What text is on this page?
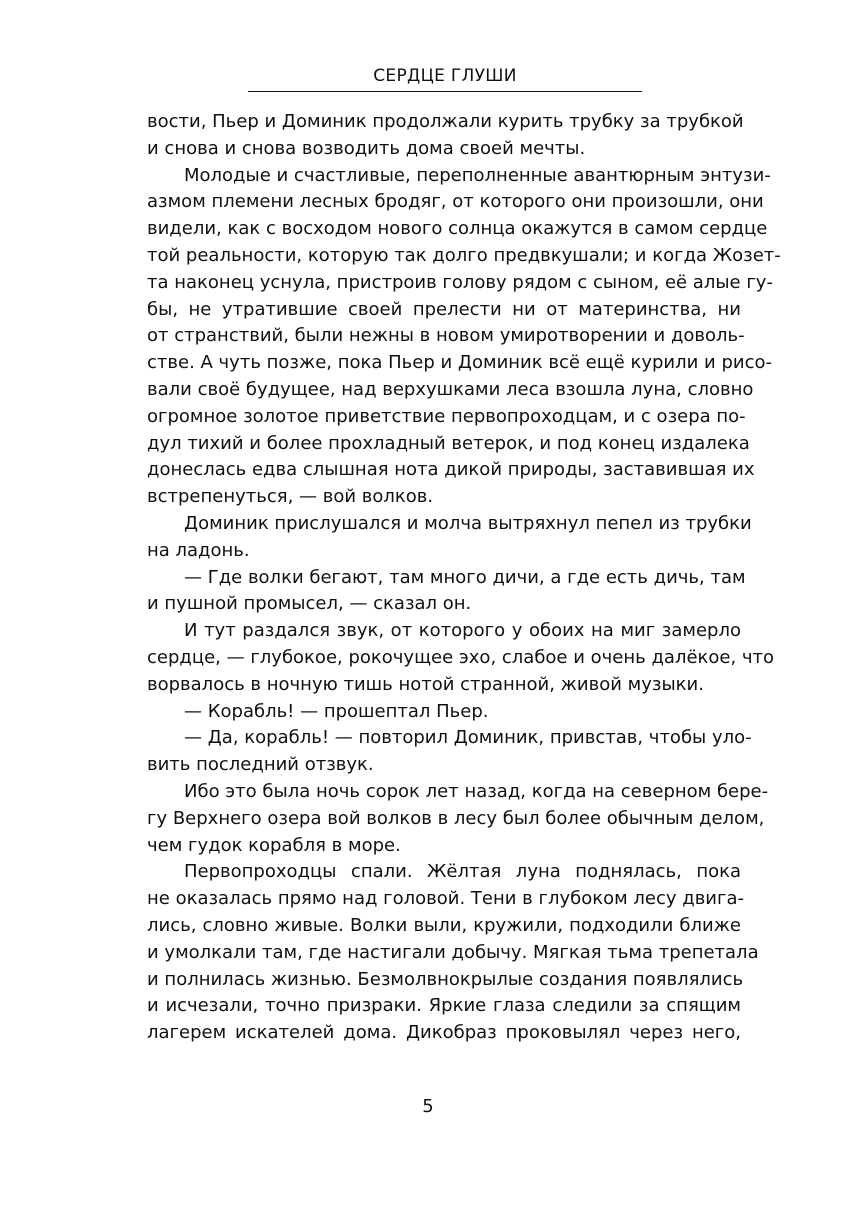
СЕРДЦЕ ГЛУШИ
вости, Пьер и Доминик продолжали курить трубку за трубкой
и снова и снова возводить дома своей мечты.
Молодые и счастливые, переполненные авантюрным энтузи-
азмом племени лесных бродяг, от которого они произошли, они
видели, как с восходом нового солнца окажутся в самом сердце
той реальности, которую так долго предвкушали; и когда Жозет-
та наконец уснула, пристроив голову рядом с сыном, её алые гу-
бы, не утратившие своей прелести ни от материнства, ни
от странствий, были нежны в новом умиротворении и доволь-
стве. А чуть позже, пока Пьер и Доминик всё ещё курили и рисо-
вали своё будущее, над верхушками леса взошла луна, словно
огромное золотое приветствие первопроходцам, и с озера по-
дул тихий и более прохладный ветерок, и под конец издалека
донеслась едва слышная нота дикой природы, заставившая их
встрепенуться, — вой волков.
Доминик прислушался и молча вытряхнул пепел из трубки
на ладонь.
— Где волки бегают, там много дичи, а где есть дичь, там
и пушной промысел, — сказал он.
И тут раздался звук, от которого у обоих на миг замерло
сердце, — глубокое, рокочущее эхо, слабое и очень далёкое, что
ворвалось в ночную тишь нотой странной, живой музыки.
— Корабль! — прошептал Пьер.
— Да, корабль! — повторил Доминик, привстав, чтобы уло-
вить последний отзвук.
Ибо это была ночь сорок лет назад, когда на северном бере-
гу Верхнего озера вой волков в лесу был более обычным делом,
чем гудок корабля в море.
Первопроходцы спали. Жёлтая луна поднялась, пока
не оказалась прямо над головой. Тени в глубоком лесу двига-
лись, словно живые. Волки выли, кружили, подходили ближе
и умолкали там, где настигали добычу. Мягкая тьма трепетала
и полнилась жизнью. Безмолвнокрылые создания появлялись
и исчезали, точно призраки. Яркие глаза следили за спящим
лагерем искателей дома. Дикобраз проковылял через него,
5
